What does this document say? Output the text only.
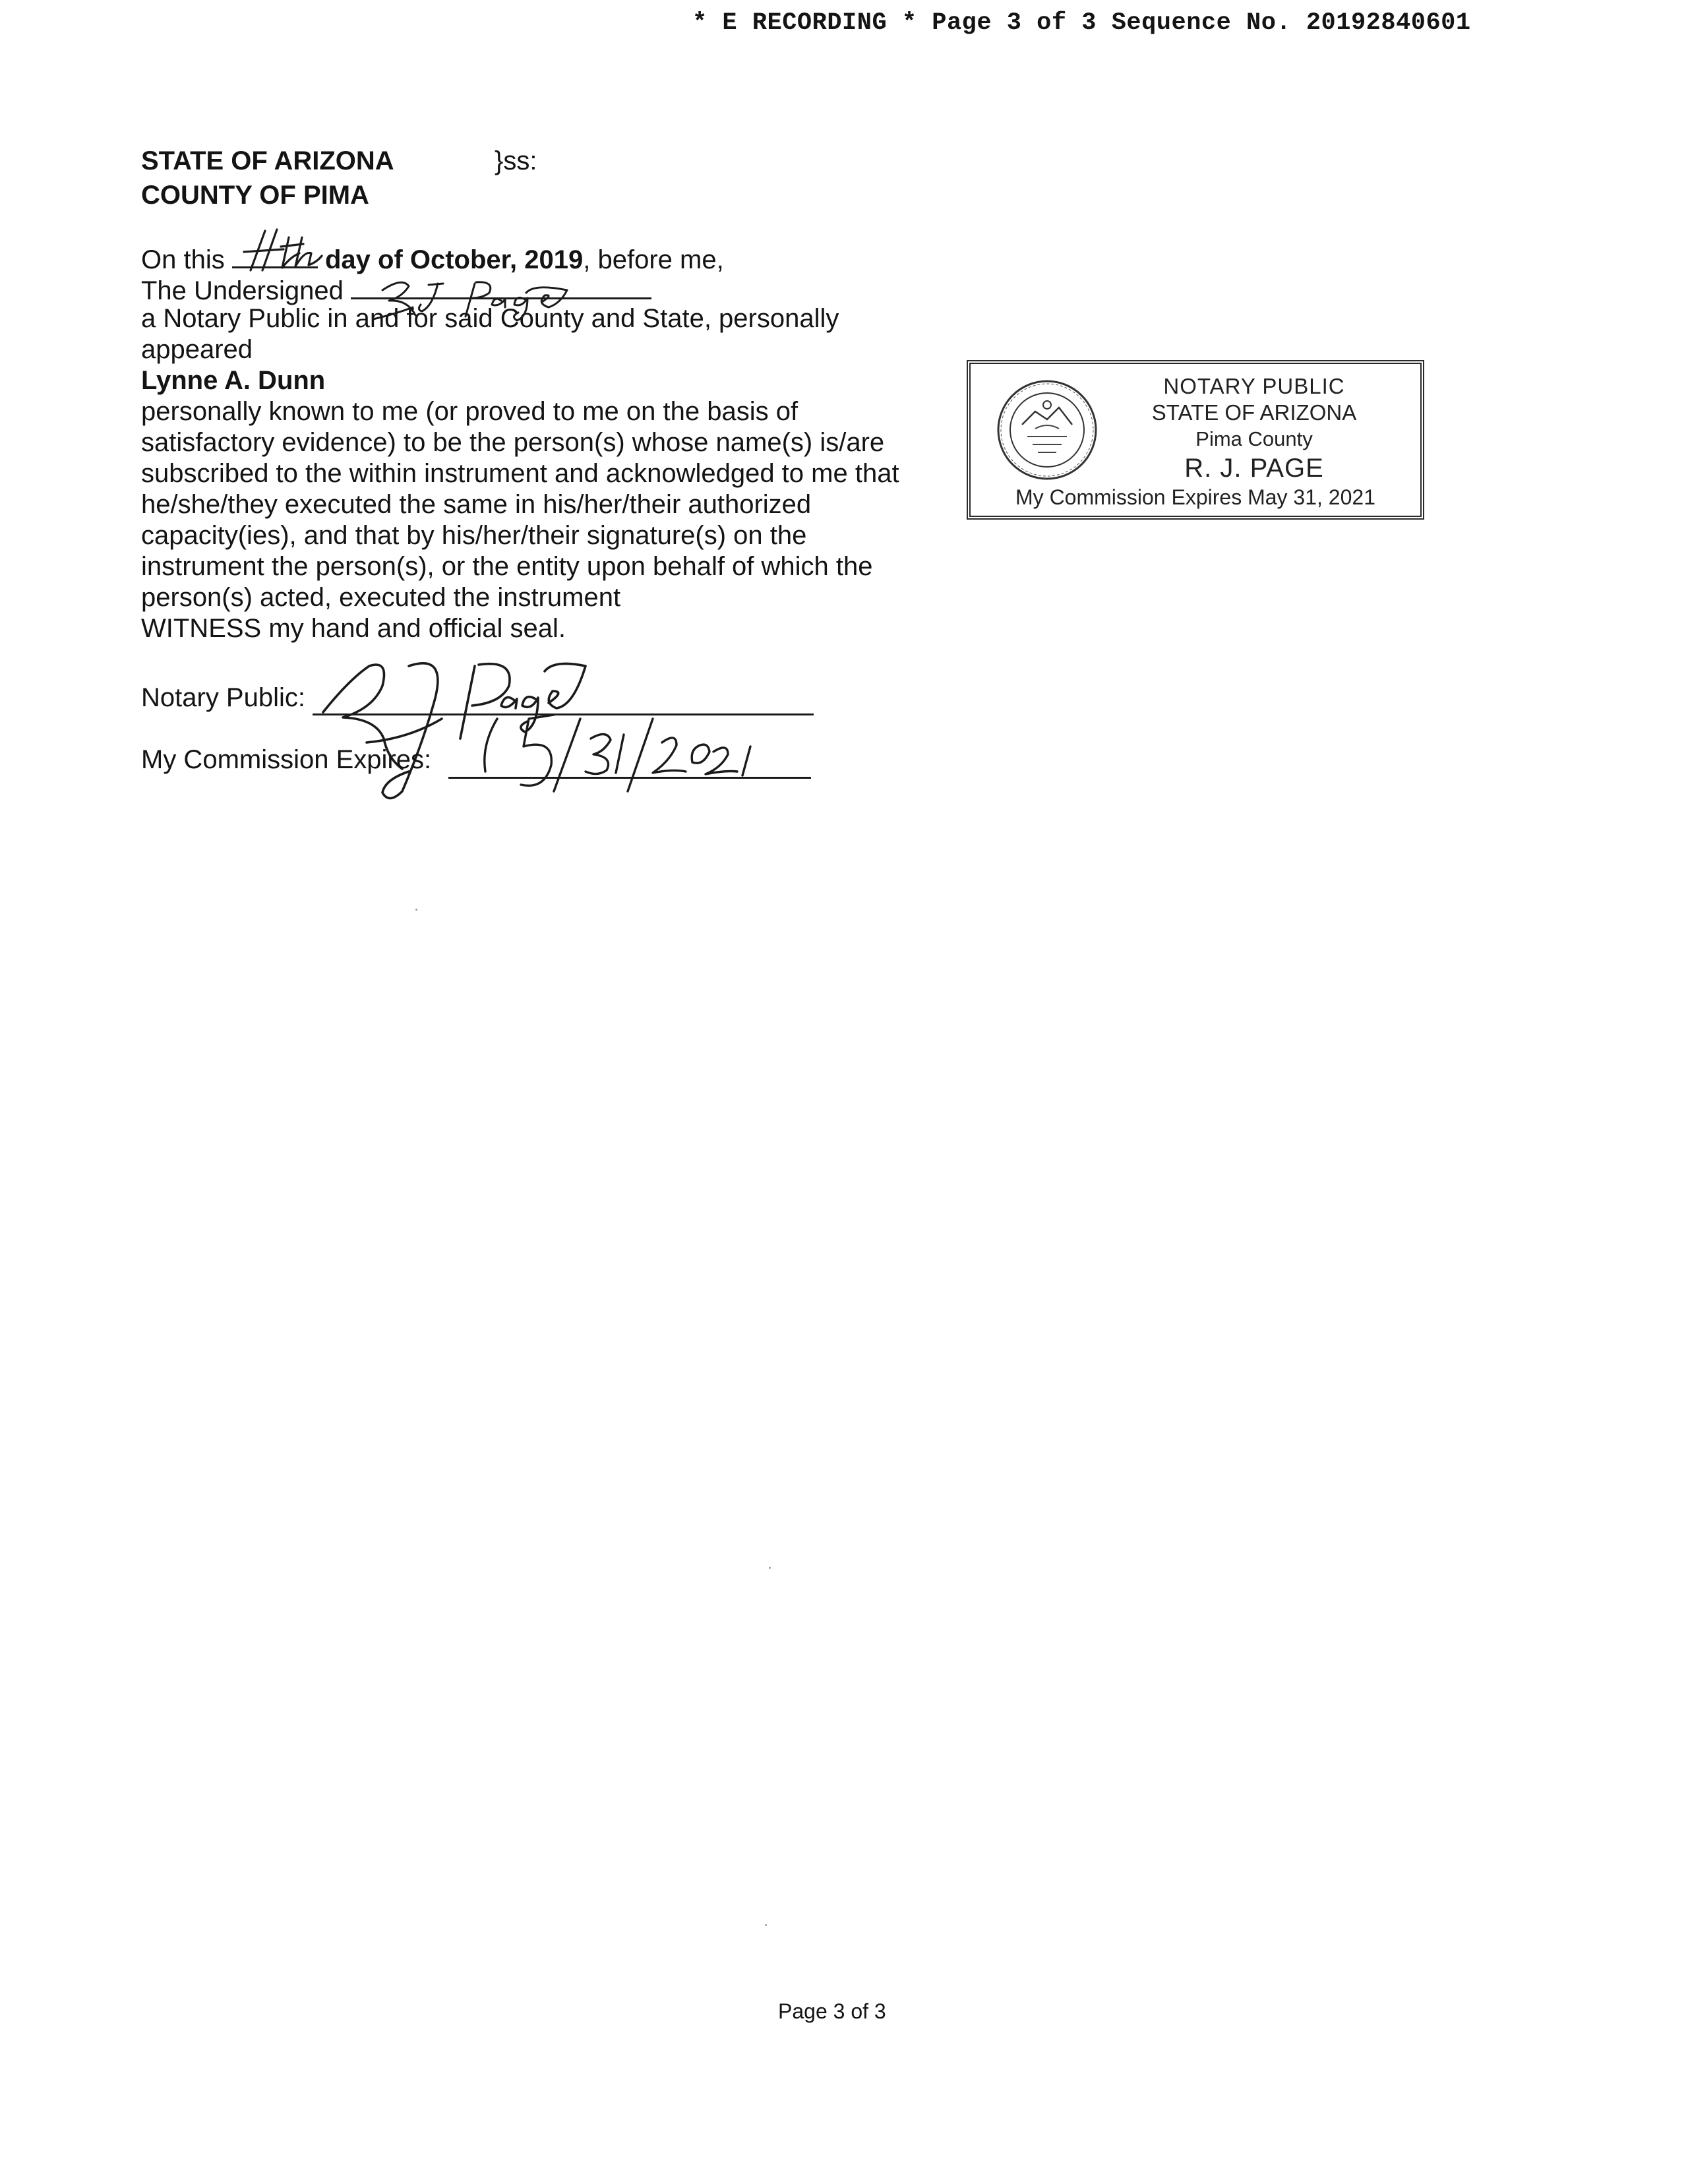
* E RECORDING * Page 3 of 3 Sequence No. 20192840601
STATE OF ARIZONA
COUNTY OF PIMA
}ss:
On this	day of October, 2019, before me,
The Undersigned
a Notary Public in and for said County and State, personally
appeared
Lynne A. Dunn
personally known to me (or proved to me on the basis of
satisfactory evidence) to be the person(s) whose name(s) is/are
subscribed to the within instrument and acknowledged to me that
he/she/they executed the same in his/her/their authorized
capacity(ies), and that by his/her/their signature(s) on the
instrument the person(s), or the entity upon behalf of which the
person(s) acted, executed the instrument
WITNESS my hand and official seal.
Notary Public:
My Commission Expires:
NOTARY PUBLIC
STATE OF ARIZONA
Pima County
R. J. PAGE
My Commission Expires May 31, 2021
Page 3 of 3
